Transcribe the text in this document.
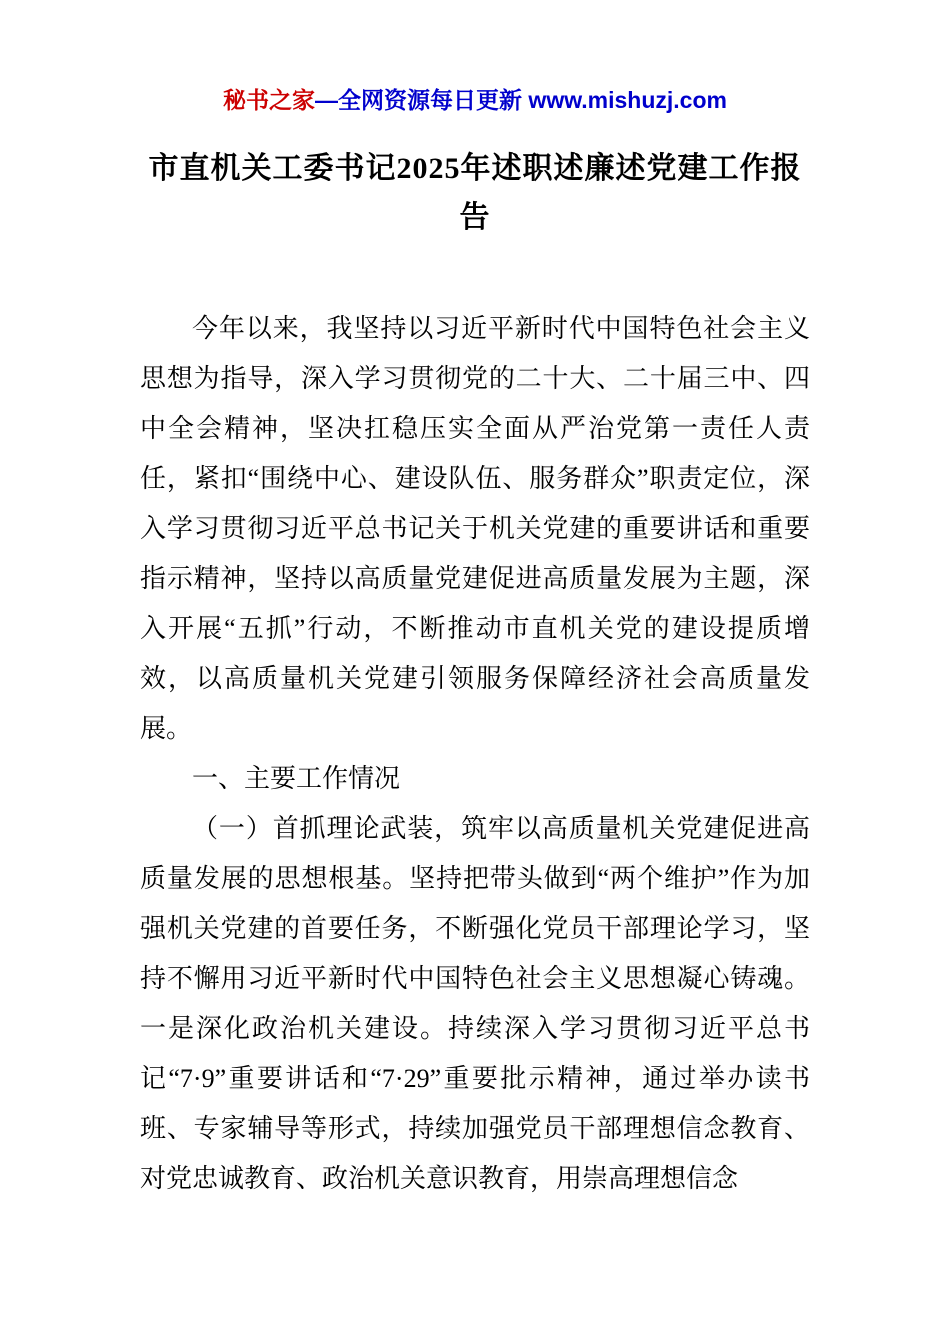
秘书之家—全网资源每日更新 www.mishuzj.com
市直机关工委书记2025年述职述廉述党建工作报告

今年以来，我坚持以习近平新时代中国特色社会主义思想为指导，深入学习贯彻党的二十大、二十届三中、四中全会精神，坚决扛稳压实全面从严治党第一责任人责任，紧扣“围绕中心、建设队伍、服务群众”职责定位，深入学习贯彻习近平总书记关于机关党建的重要讲话和重要指示精神，坚持以高质量党建促进高质量发展为主题，深入开展“五抓”行动，不断推动市直机关党的建设提质增效，以高质量机关党建引领服务保障经济社会高质量发展。

一、主要工作情况

（一）首抓理论武装，筑牢以高质量机关党建促进高质量发展的思想根基。坚持把带头做到“两个维护”作为加强机关党建的首要任务，不断强化党员干部理论学习，坚持不懈用习近平新时代中国特色社会主义思想凝心铸魂。一是深化政治机关建设。持续深入学习贯彻习近平总书记“7·9”重要讲话和“7·29”重要批示精神，通过举办读书班、专家辅导等形式，持续加强党员干部理想信念教育、对党忠诚教育、政治机关意识教育，用崇高理想信念
